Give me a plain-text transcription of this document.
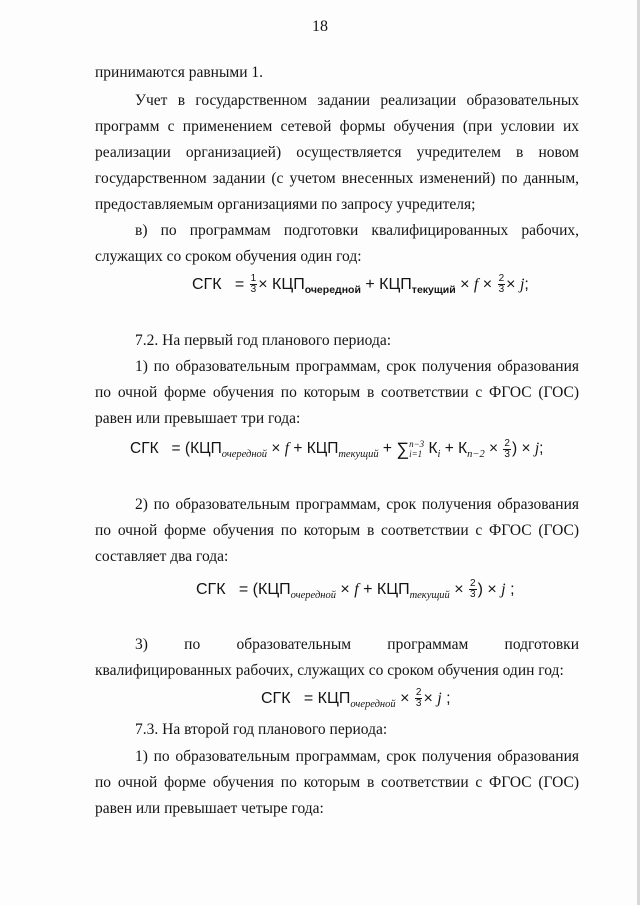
18
принимаются равными 1.
Учет в государственном задании реализации образовательных программ с применением сетевой формы обучения (при условии их реализации организацией) осуществляется учредителем в новом государственном задании (с учетом внесенных изменений) по данным, предоставляемым организациями по запросу учредителя;
в) по программам подготовки квалифицированных рабочих, служащих со сроком обучения один год:
СГК   = $\frac{1}{3} \times КЦП_{очередной} + КЦП_{текущий} \times f \times \frac{2}{3} \times j$;
7.2. На первый год планового периода:
1) по образовательным программам, срок получения образования по очной форме обучения по которым в соответствии с ФГОС (ГОС) равен или превышает три года:
СГК   = ($КЦП_{очередной} \times f + КЦП_{текущий}$ + ∑ n−3
i=1 $К_i + К_{n-2} \times \frac{2}{3}$ ) × j;
2) по образовательным программам, срок получения образования по очной форме обучения по которым в соответствии с ФГОС (ГОС) составляет два года:
СГК   = ($КЦП_{очередной} \times f + КЦП_{текущий} \times \frac{2}{3}$ ) × j ;
3) по образовательным программам подготовки квалифицированных рабочих, служащих со сроком обучения один год:
СГК   = $КЦП_{очередной} \times \frac{2}{3} \times j$ ;
7.3. На второй год планового периода:
1) по образовательным программам, срок получения образования по очной форме обучения по которым в соответствии с ФГОС (ГОС) равен или превышает четыре года:
